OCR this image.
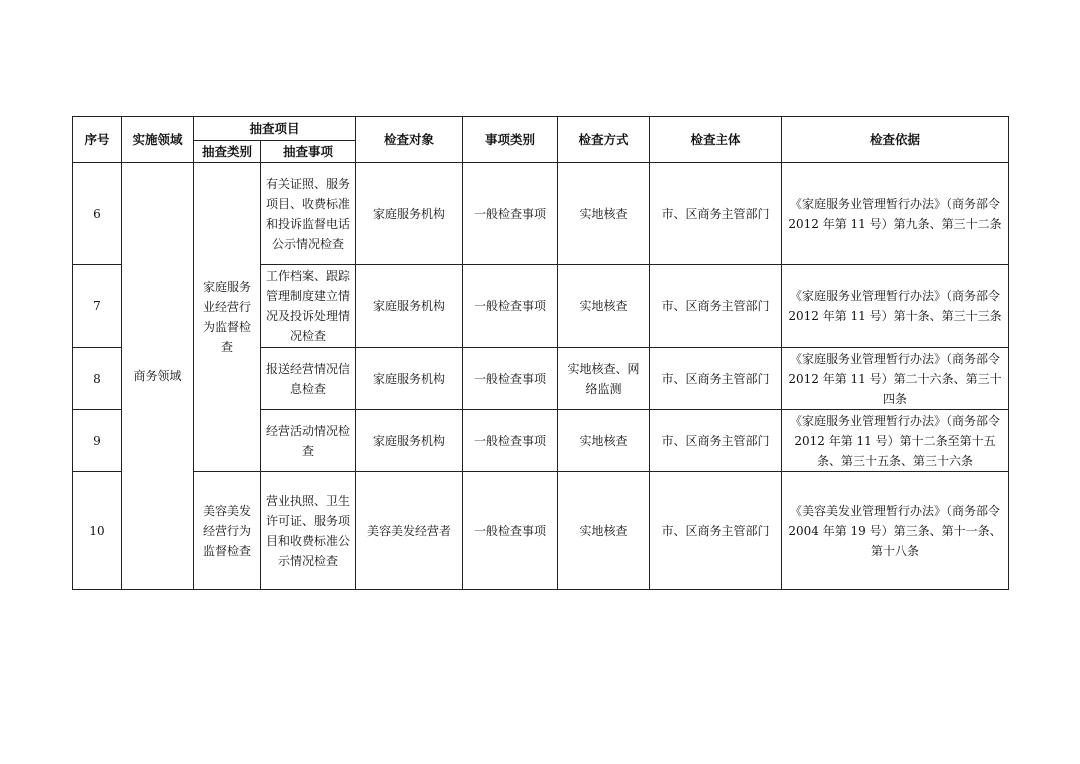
序号	实施领域	抽查项目		检查对象	事项类别	检查方式	检查主体	检查依据
		抽查类别	抽查事项					
6	商务领域	家庭服务业经营行为监督检查	有关证照、服务项目、收费标准和投诉监督电话公示情况检查	家庭服务机构	一般检查事项	实地核查	市、区商务主管部门	《家庭服务业管理暂行办法》（商务部令 2012 年第 11 号）第九条、第三十二条

7			工作档案、跟踪管理制度建立情况及投诉处理情况检查	家庭服务机构	一般检查事项	实地核查	市、区商务主管部门	《家庭服务业管理暂行办法》（商务部令 2012 年第 11 号）第十条、第三十三条

8			报送经营情况信息检查	家庭服务机构	一般检查事项	实地核查、网络监测	市、区商务主管部门	《家庭服务业管理暂行办法》（商务部令 2012 年第 11 号）第二十六条、第三十四条

9			经营活动情况检查	家庭服务机构	一般检查事项	实地核查	市、区商务主管部门	《家庭服务业管理暂行办法》（商务部令 2012 年第 11 号）第十二条至第十五条、第三十五条、第三十六条

10		美容美发经营行为监督检查	营业执照、卫生许可证、服务项目和收费标准公示情况检查	美容美发经营者	一般检查事项	实地核查	市、区商务主管部门	《美容美发业管理暂行办法》（商务部令 2004 年第 19 号）第三条、第十一条、第十八条
